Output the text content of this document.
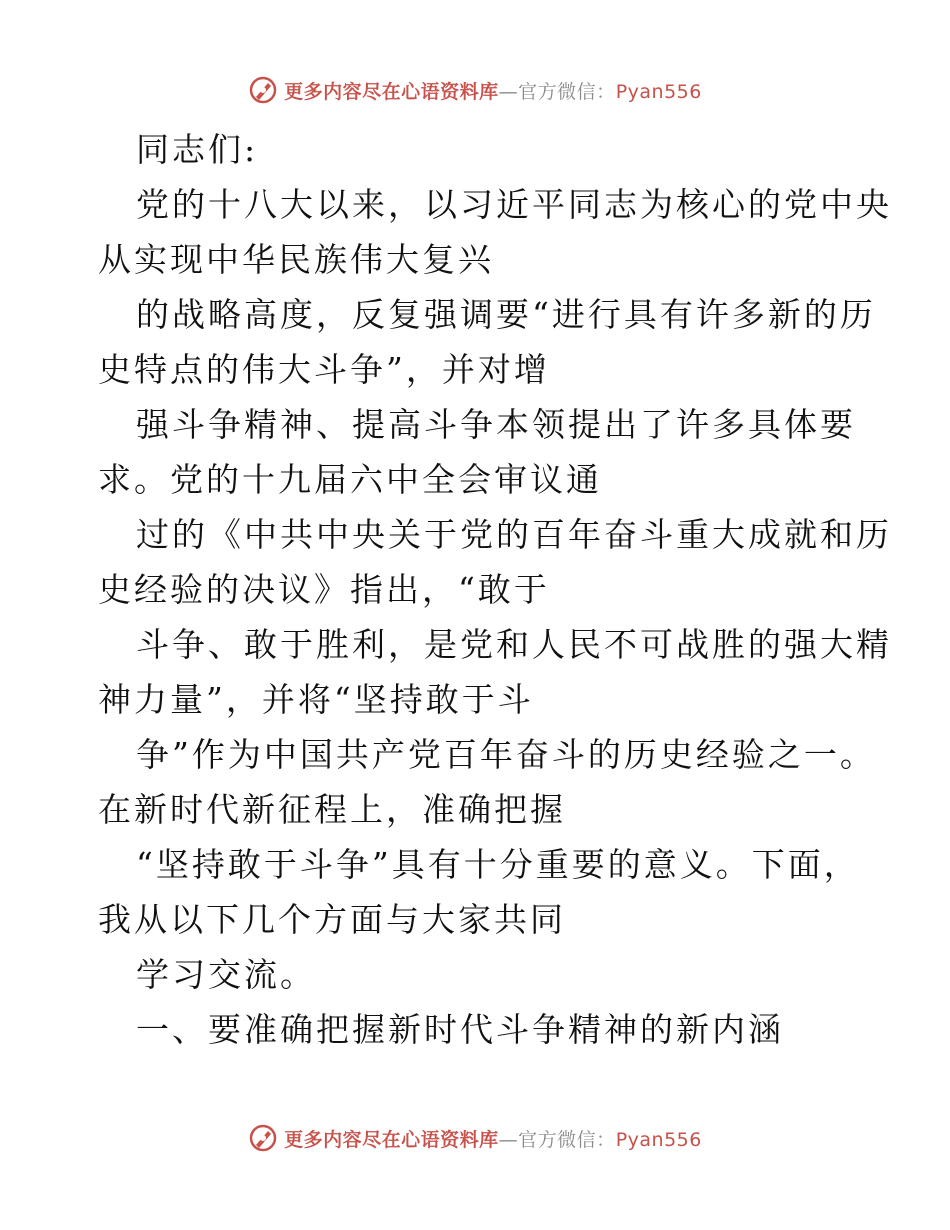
更多内容尽在心语资料库—官方微信：Pyan556
同志们:
党的十八大以来，以习近平同志为核心的党中央
从实现中华民族伟大复兴
的战略高度，反复强调要“进行具有许多新的历
史特点的伟大斗争”，并对增
强斗争精神、提高斗争本领提出了许多具体要
求。党的十九届六中全会审议通
过的《中共中央关于党的百年奋斗重大成就和历
史经验的决议》指出，“敢于
斗争、敢于胜利，是党和人民不可战胜的强大精
神力量”，并将“坚持敢于斗
争”作为中国共产党百年奋斗的历史经验之一。
在新时代新征程上，准确把握
“坚持敢于斗争”具有十分重要的意义。下面，
我从以下几个方面与大家共同
学习交流。
一、要准确把握新时代斗争精神的新内涵
更多内容尽在心语资料库—官方微信：Pyan556
